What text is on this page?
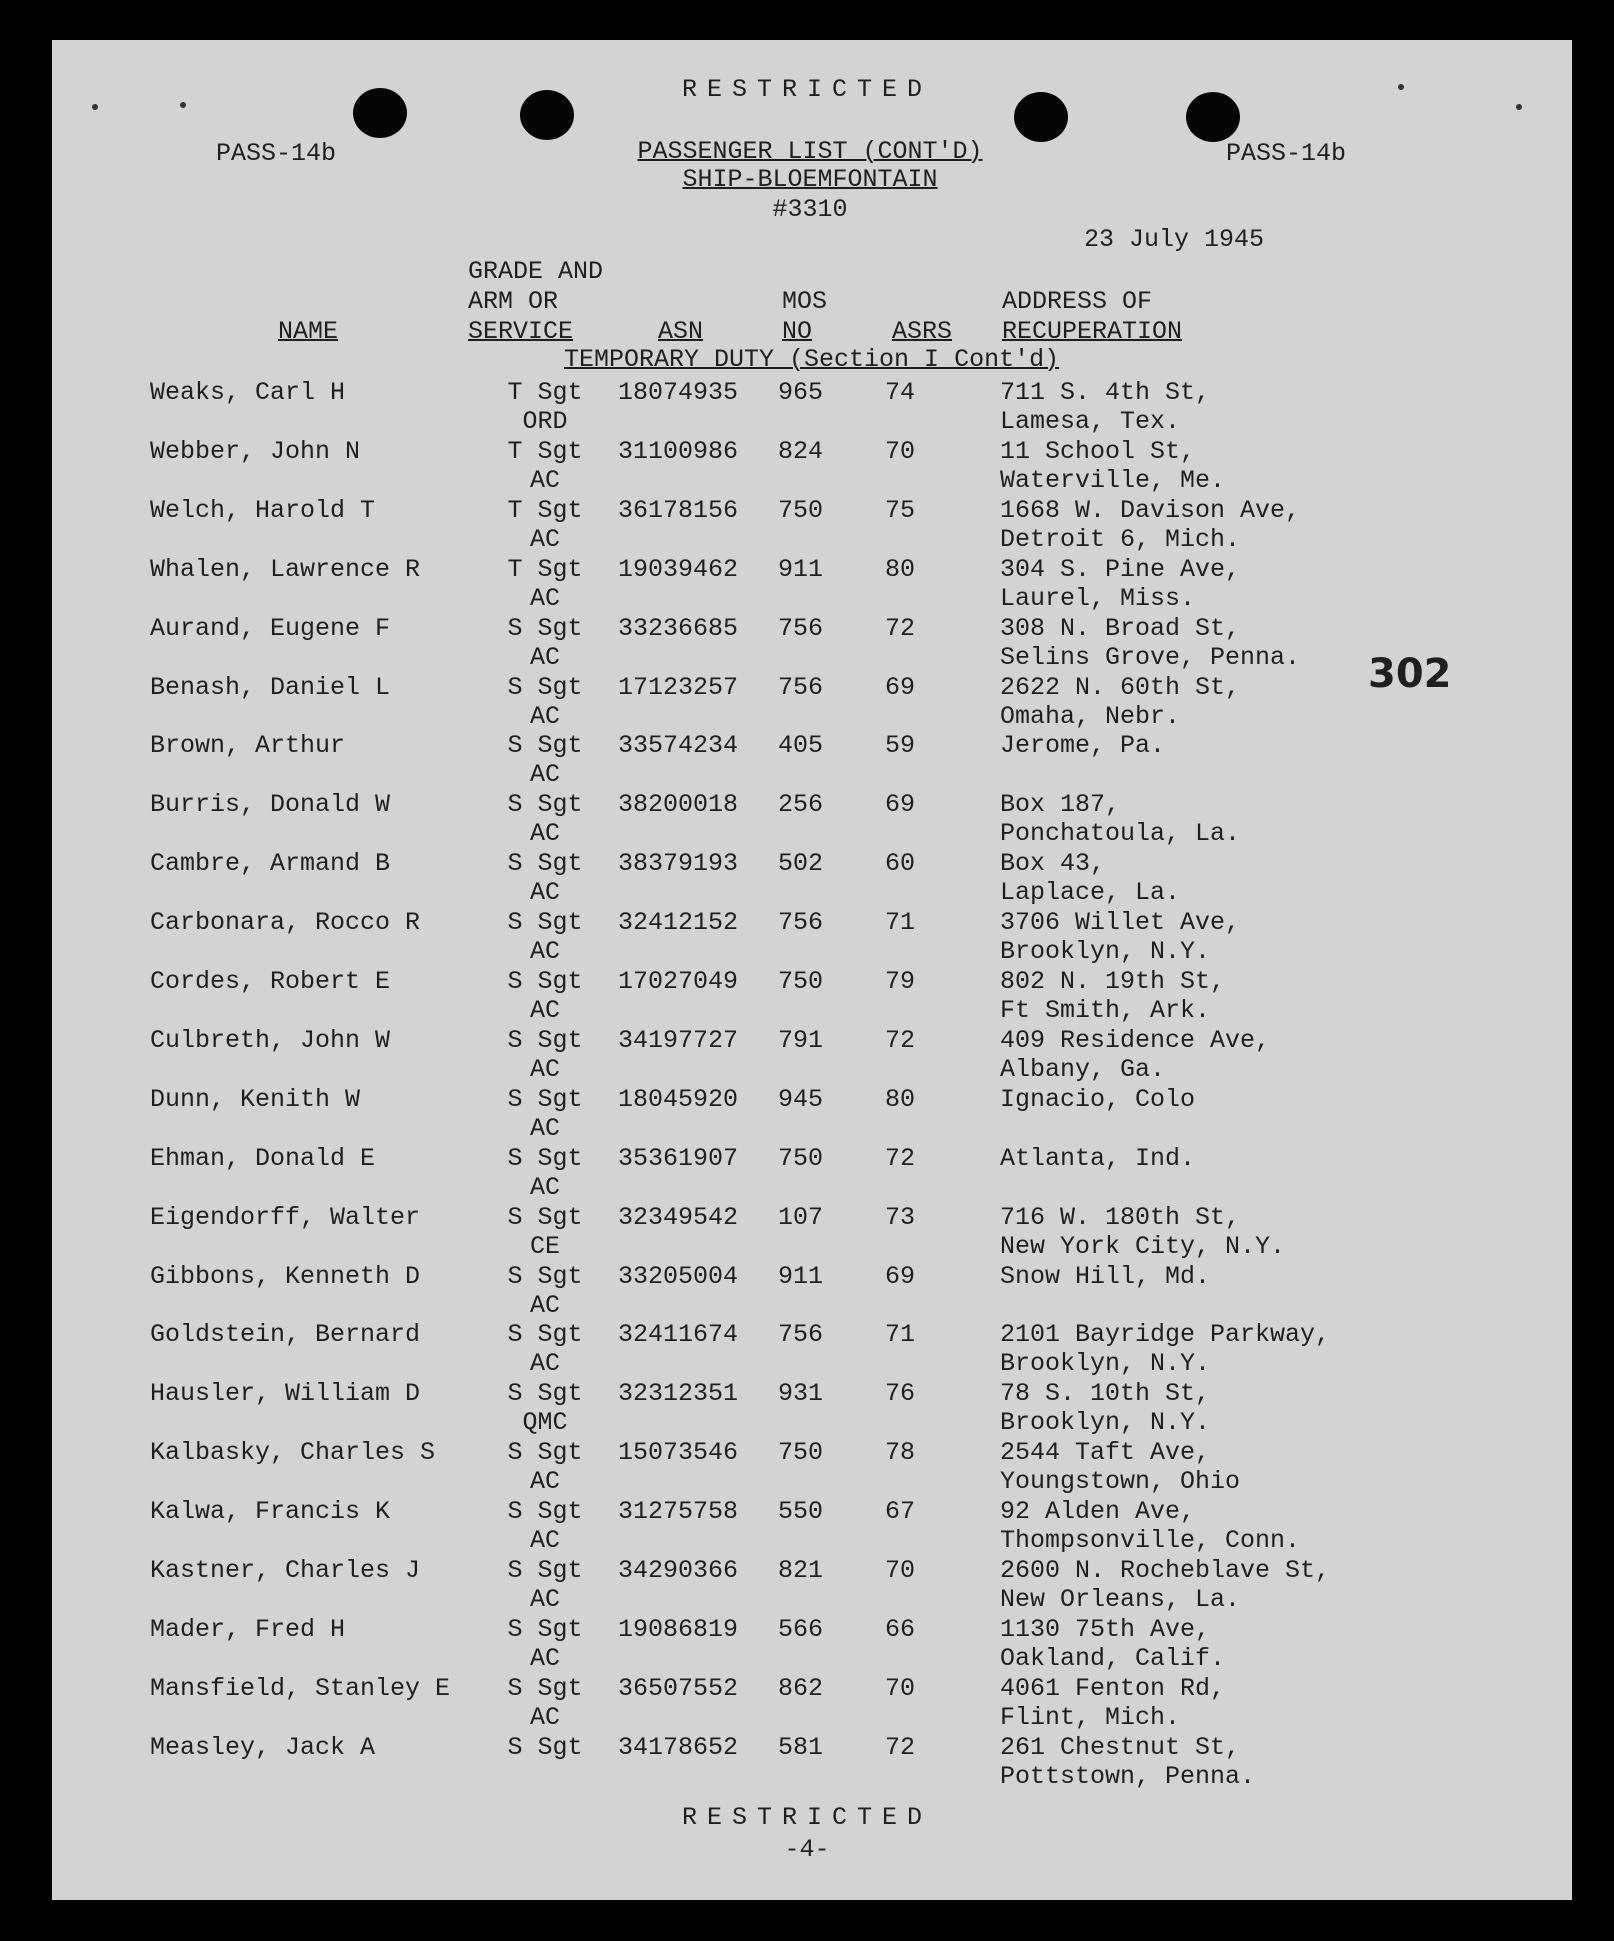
RESTRICTED
PASS-14b	PASS-14b
PASSENGER LIST (CONT'D)
SHIP-BLOEMFONTAIN
#3310
23 July 1945
302
GRADE AND
ARM OR
SERVICE
NAME	ASN
MOS
NO	ASRS
ADDRESS OF
RECUPERATION
TEMPORARY DUTY (Section I Cont'd)
Weaks, Carl H	T Sgt
ORD
18074935 965 74	711 S. 4th St,
Lamesa, Tex.
Webber, John N	T Sgt
AC
31100986 824 70	11 School St,
Waterville, Me.
Welch, Harold T	T Sgt
AC
36178156 750 75	1668 W. Davison Ave,
Detroit 6, Mich.
Whalen, Lawrence R	T Sgt
AC
19039462 911 80	304 S. Pine Ave,
Laurel, Miss.
Aurand, Eugene F	S Sgt
AC
33236685 756 72	308 N. Broad St,
Selins Grove, Penna.
Benash, Daniel L	S Sgt
AC
17123257 756 69	2622 N. 60th St,
Omaha, Nebr.
Brown, Arthur	S Sgt
AC
33574234 405 59	Jerome, Pa.
Burris, Donald W	S Sgt
AC
38200018 256 69	Box 187,
Ponchatoula, La.
Cambre, Armand B	S Sgt
AC
38379193 502 60	Box 43,
Laplace, La.
Carbonara, Rocco R	S Sgt
AC
32412152 756 71	3706 Willet Ave,
Brooklyn, N.Y.
Cordes, Robert E	S Sgt
AC
17027049 750 79	802 N. 19th St,
Ft Smith, Ark.
Culbreth, John W	S Sgt
AC
34197727 791 72	409 Residence Ave,
Albany, Ga.
Dunn, Kenith W	S Sgt
AC
18045920 945 80	Ignacio, Colo
Ehman, Donald E	S Sgt
AC
35361907 750 72	Atlanta, Ind.
Eigendorff, Walter	S Sgt
CE
32349542 107 73	716 W. 180th St,
New York City, N.Y.
Gibbons, Kenneth D	S Sgt
AC
33205004 911 69	Snow Hill, Md.
Goldstein, Bernard	S Sgt
AC
32411674 756 71	2101 Bayridge Parkway,
Brooklyn, N.Y.
Hausler, William D	S Sgt
QMC
32312351 931 76	78 S. 10th St,
Brooklyn, N.Y.
Kalbasky, Charles S	S Sgt
AC
15073546 750 78	2544 Taft Ave,
Youngstown, Ohio
Kalwa, Francis K	S Sgt
AC
31275758 550 67	92 Alden Ave,
Thompsonville, Conn.
Kastner, Charles J	S Sgt
AC
34290366 821 70	2600 N. Rocheblave St,
New Orleans, La.
Mader, Fred H	S Sgt
AC
19086819 566 66	1130 75th Ave,
Oakland, Calif.
Mansfield, Stanley E	S Sgt
AC
36507552 862 70	4061 Fenton Rd,
Flint, Mich.
Measley, Jack A	S Sgt	34178652 581 72	261 Chestnut St,
Pottstown, Penna.
RESTRICTED
-4-
